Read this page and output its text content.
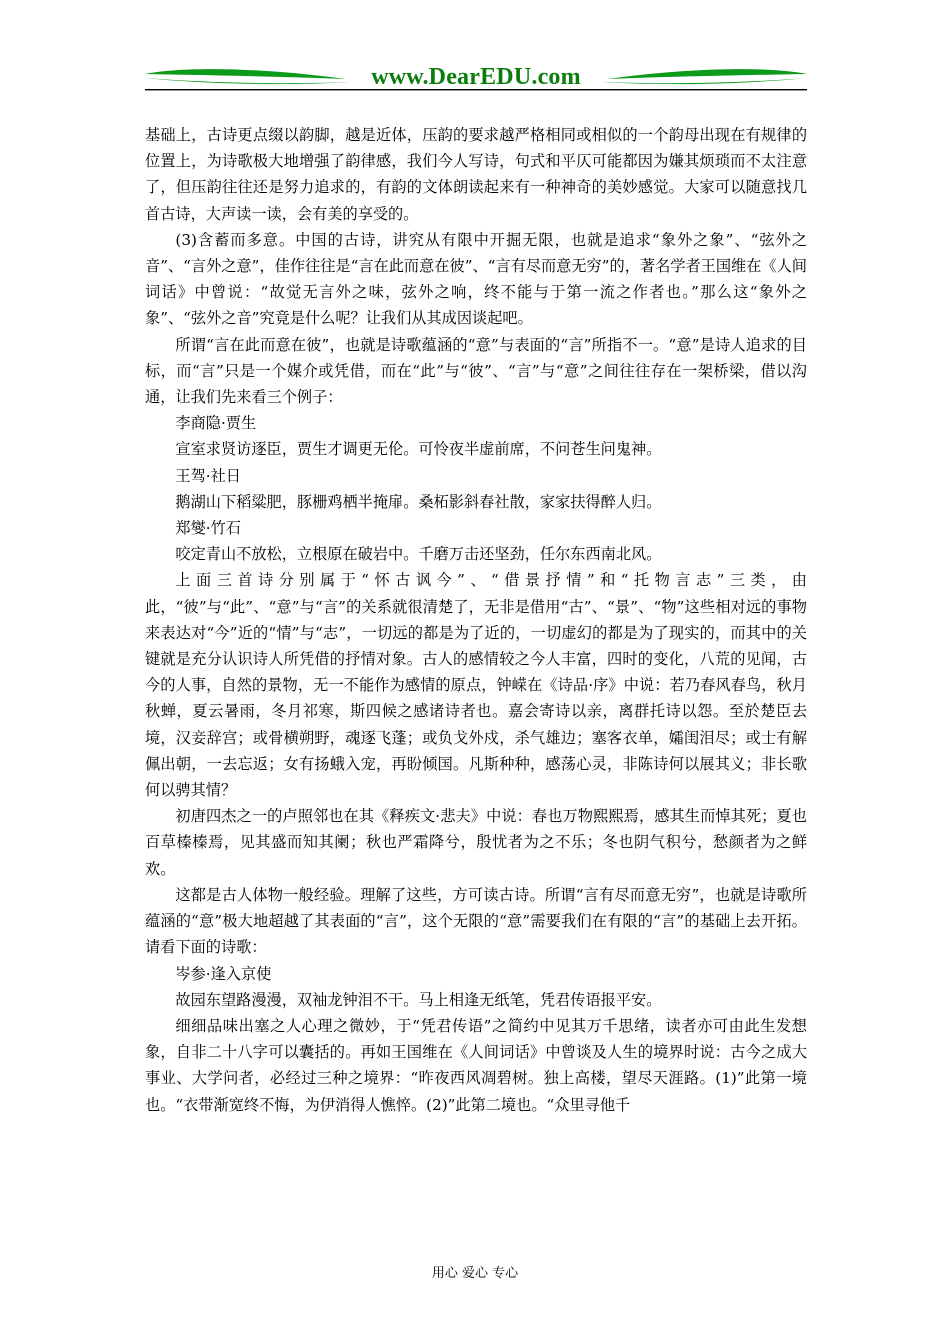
www.DearEDU.com

基础上，古诗更点缀以韵脚，越是近体，压韵的要求越严格相同或相似的一个韵母出现在有规律的位置上，为诗歌极大地增强了韵律感，我们今人写诗，句式和平仄可能都因为嫌其烦琐而不太注意了，但压韵往往还是努力追求的，有韵的文体朗读起来有一种神奇的美妙感觉。大家可以随意找几首古诗，大声读一读，会有美的享受的。

(3)含蓄而多意。中国的古诗，讲究从有限中开掘无限，也就是追求“象外之象”、“弦外之音”、“言外之意”，佳作往往是“言在此而意在彼”、“言有尽而意无穷”的，著名学者王国维在《人间词话》中曾说：“故觉无言外之味，弦外之响，终不能与于第一流之作者也。”那么这“象外之象”、“弦外之音”究竟是什么呢？让我们从其成因谈起吧。

所谓“言在此而意在彼”，也就是诗歌蕴涵的“意”与表面的“言”所指不一。“意”是诗人追求的目标，而“言”只是一个媒介或凭借，而在“此”与“彼”、“言”与“意”之间往往存在一架桥梁，借以沟通，让我们先来看三个例子：

李商隐·贾生

宣室求贤访逐臣，贾生才调更无伦。可怜夜半虚前席，不问苍生问鬼神。

王驾·社日

鹅湖山下稻粱肥，豚栅鸡栖半掩扉。桑柘影斜春社散，家家扶得醉人归。

郑燮·竹石

咬定青山不放松，立根原在破岩中。千磨万击还坚劲，任尔东西南北风。

上面三首诗分别属于“怀古讽今”、“借景抒情”和“托物言志”三类，由此，“彼”与“此”、“意”与“言”的关系就很清楚了，无非是借用“古”、“景”、“物”这些相对远的事物来表达对“今”近的“情”与“志”，一切远的都是为了近的，一切虚幻的都是为了现实的，而其中的关键就是充分认识诗人所凭借的抒情对象。古人的感情较之今人丰富，四时的变化，八荒的见闻，古今的人事，自然的景物，无一不能作为感情的原点，钟嵘在《诗品·序》中说：若乃春风春鸟，秋月秋蝉，夏云暑雨，冬月祁寒，斯四候之感诸诗者也。嘉会寄诗以亲，离群托诗以怨。至於楚臣去境，汉妾辞宫；或骨横朔野，魂逐飞蓬；或负戈外戍，杀气雄边；塞客衣单，孀闺泪尽；或士有解佩出朝，一去忘返；女有扬蛾入宠，再盼倾国。凡斯种种，感荡心灵，非陈诗何以展其义；非长歌何以骋其情？

初唐四杰之一的卢照邻也在其《释疾文·悲夫》中说：春也万物熙熙焉，感其生而悼其死；夏也百草榛榛焉，见其盛而知其阑；秋也严霜降兮，殷忧者为之不乐；冬也阴气积兮，愁颜者为之鲜欢。

这都是古人体物一般经验。理解了这些，方可读古诗。所谓“言有尽而意无穷”，也就是诗歌所蕴涵的“意”极大地超越了其表面的“言”，这个无限的“意”需要我们在有限的“言”的基础上去开拓。请看下面的诗歌：

岑参·逢入京使

故园东望路漫漫，双袖龙钟泪不干。马上相逢无纸笔，凭君传语报平安。

细细品味出塞之人心理之微妙，于“凭君传语”之简约中见其万千思绪，读者亦可由此生发想象，自非二十八字可以囊括的。再如王国维在《人间词话》中曾谈及人生的境界时说：古今之成大事业、大学问者，必经过三种之境界：“昨夜西风凋碧树。独上高楼，望尽天涯路。(1)”此第一境也。“衣带渐宽终不悔，为伊消得人憔悴。(2)”此第二境也。“众里寻他千

用心 爱心 专心
